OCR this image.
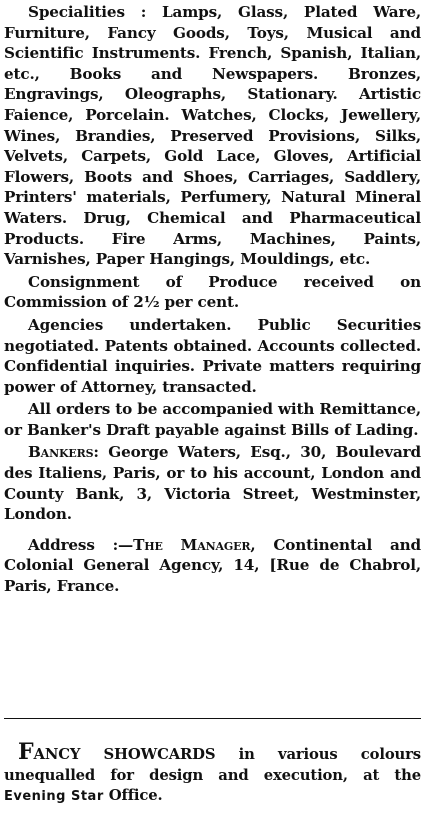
Specialities : Lamps, Glass, Plated Ware, Furniture, Fancy Goods, Toys, Musical and Scientific Instruments. French, Spanish, Italian, etc., Books and Newspapers. Bronzes, Engravings, Oleographs, Stationary. Artistic Faience, Porcelain. Watches, Clocks, Jewellery, Wines, Brandies, Preserved Provisions, Silks, Velvets, Carpets, Gold Lace, Gloves, Artificial Flowers, Boots and Shoes, Carriages, Saddlery, Printers' materials, Perfumery, Natural Mineral Waters. Drug, Chemical and Pharmaceutical Products. Fire Arms, Machines, Paints, Varnishes, Paper Hangings, Mouldings, etc.

Consignment of Produce received on Commission of 2½ per cent.

Agencies undertaken. Public Securities negotiated. Patents obtained. Accounts collected. Confidential inquiries. Private matters requiring power of Attorney, transacted.

All orders to be accompanied with Remittance, or Banker's Draft payable against Bills of Lading.

Bankers: George Waters, Esq., 30, Boulevard des Italiens, Paris, or to his account, London and County Bank, 3, Victoria Street, Westminster, London.

Address :—The Manager, Continental and Colonial General Agency, 14, [Rue de Chabrol, Paris, France.

FANCY SHOWCARDS in various colours unequalled for design and execution, at the Evening Star Office.
